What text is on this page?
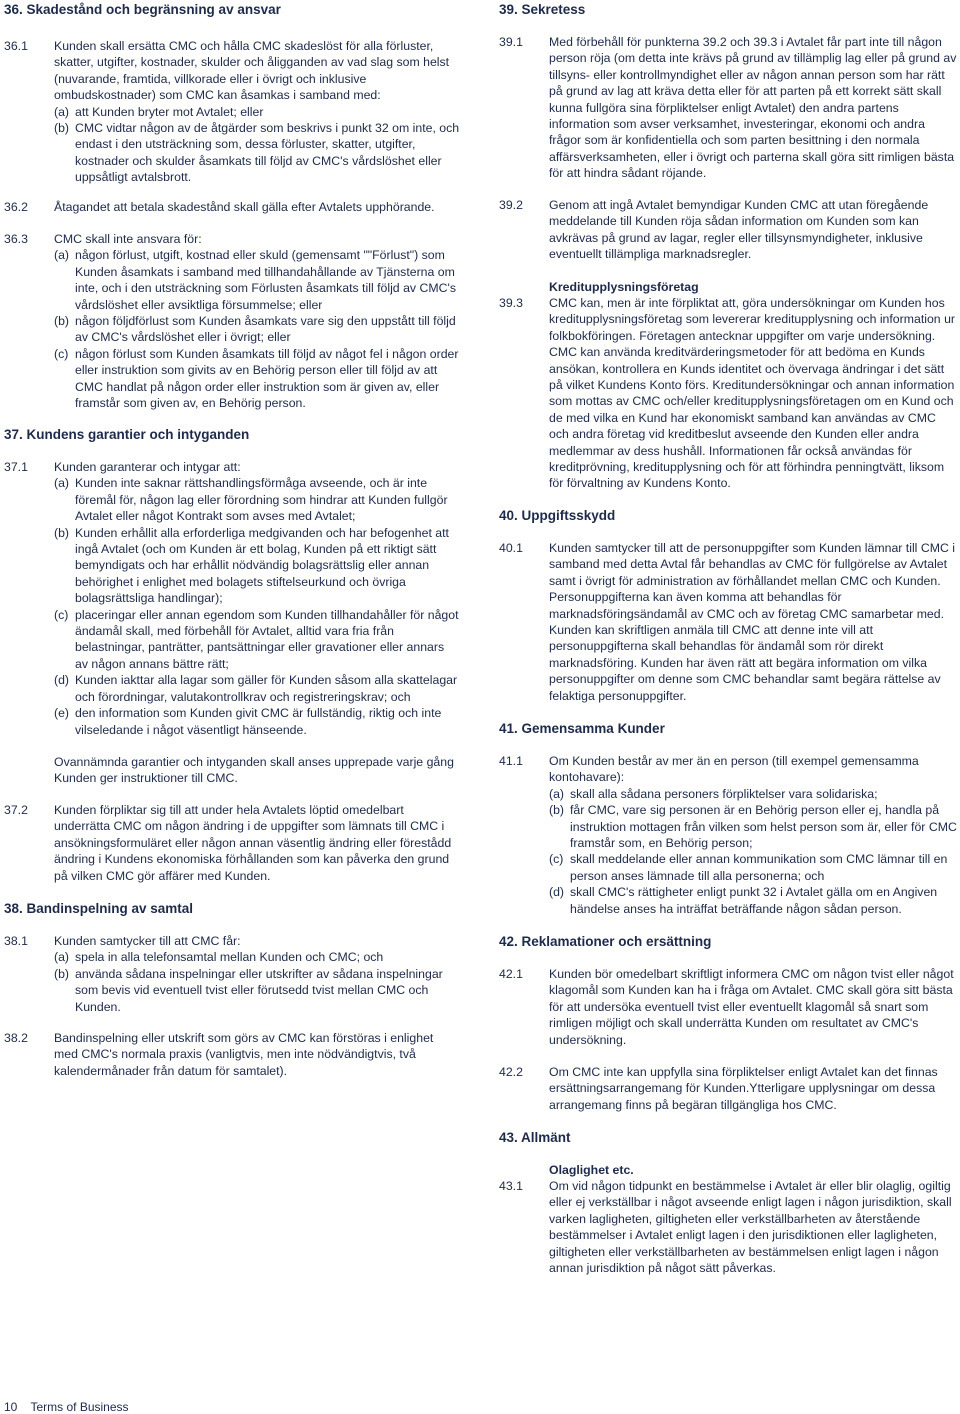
36. Skadestånd och begränsning av ansvar
36.1	Kunden skall ersätta CMC och hålla CMC skadeslöst för alla förluster, skatter, utgifter, kostnader, skulder och åligganden av vad slag som helst (nuvarande, framtida, villkorade eller i övrigt och inklusive ombudskostnader) som CMC kan åsamkas i samband med:

(a) att Kunden bryter mot Avtalet; eller
(b) CMC vidtar någon av de åtgärder som beskrivs i punkt 32 om inte, och endast i den utsträckning som, dessa förluster, skatter, utgifter, kostnader och skulder åsamkats till följd av CMC's vårdslöshet eller uppsåtligt avtalsbrott.
36.2	Åtagandet att betala skadestånd skall gälla efter Avtalets upphörande.

36.3	CMC skall inte ansvara för:

(a) någon förlust, utgift, kostnad eller skuld (gemensamt ""Förlust") som Kunden åsamkats i samband med tillhandahållande av Tjänsterna om inte, och i den utsträckning som Förlusten åsamkats till följd av CMC's vårdslöshet eller avsiktliga försummelse; eller
(b) någon följdförlust som Kunden åsamkats vare sig den uppstått till följd av CMC's vårdslöshet eller i övrigt; eller
(c) någon förlust som Kunden åsamkats till följd av något fel i någon order eller instruktion som givits av en Behörig person eller till följd av att CMC handlat på någon order eller instruktion som är given av, eller framstår som given av, en Behörig person.
37. Kundens garantier och intyganden
37.1	Kunden garanterar och intygar att:

(a) Kunden inte saknar rättshandlingsförmåga avseende, och är inte föremål för, någon lag eller förordning som hindrar att Kunden fullgör Avtalet eller något Kontrakt som avses med Avtalet;
(b) Kunden erhållit alla erforderliga medgivanden och har befogenhet att ingå Avtalet (och om Kunden är ett bolag, Kunden på ett riktigt sätt bemyndigats och har erhållit nödvändig bolagsrättslig eller annan behörighet i enlighet med bolagets stiftelseurkund och övriga bolagsrättsliga handlingar);
(c) placeringar eller annan egendom som Kunden tillhandahåller för något ändamål skall, med förbehåll för Avtalet, alltid vara fria från belastningar, panträtter, pantsättningar eller gravationer eller annars av någon annans bättre rätt;
(d) Kunden iakttar alla lagar som gäller för Kunden såsom alla skattelagar och förordningar, valutakontrollkrav och registreringskrav; och
(e) den information som Kunden givit CMC är fullständig, riktig och inte vilseledande i något väsentligt hänseende.

Ovannämnda garantier och intyganden skall anses upprepade varje gång Kunden ger instruktioner till CMC.

37.2	Kunden förpliktar sig till att under hela Avtalets löptid omedelbart underrätta CMC om någon ändring i de uppgifter som lämnats till CMC i ansökningsformuläret eller någon annan väsentlig ändring eller förestådd ändring i Kundens ekonomiska förhållanden som kan påverka den grund på vilken CMC gör affärer med Kunden.

38. Bandinspelning av samtal
38.1	Kunden samtycker till att CMC får:

(a) spela in alla telefonsamtal mellan Kunden och CMC; och
(b) använda sådana inspelningar eller utskrifter av sådana inspelningar som bevis vid eventuell tvist eller förutsedd tvist mellan CMC och Kunden.
38.2	Bandinspelning eller utskrift som görs av CMC kan förstöras i enlighet med CMC's normala praxis (vanligtvis, men inte nödvändigtvis, två kalendermånader från datum för samtalet).

39. Sekretess
39.1	Med förbehåll för punkterna 39.2 och 39.3 i Avtalet får part inte till någon person röja (om detta inte krävs på grund av tillämplig lag eller på grund av tillsyns- eller kontrollmyndighet eller av någon annan person som har rätt på grund av lag att kräva detta eller för att parten på ett korrekt sätt skall kunna fullgöra sina förpliktelser enligt Avtalet) den andra partens information som avser verksamhet, investeringar, ekonomi och andra frågor som är konfidentiella och som parten besittning i den normala affärsverksamheten, eller i övrigt och parterna skall göra sitt rimligen bästa för att hindra sådant röjande.

39.2	Genom att ingå Avtalet bemyndigar Kunden CMC att utan föregående meddelande till Kunden röja sådan information om Kunden som kan avkrävas på grund av lagar, regler eller tillsynsmyndigheter, inklusive eventuellt tillämpliga marknadsregler.

Kreditupplysningsföretag
39.3	CMC kan, men är inte förpliktat att, göra undersökningar om Kunden hos kreditupplysningsföretag som levererar kreditupplysning och information ur folkbokföringen. Företagen antecknar uppgifter om varje undersökning. CMC kan använda kreditvärderingsmetoder för att bedöma en Kunds ansökan, kontrollera en Kunds identitet och övervaga ändringar i det sätt på vilket Kundens Konto förs. Kreditundersökningar och annan information som mottas av CMC och/eller kreditupplysningsföretagen om en Kund och de med vilka en Kund har ekonomiskt samband kan användas av CMC och andra företag vid kreditbeslut avseende den Kunden eller andra medlemmar av dess hushåll. Informationen får också användas för kreditprövning, kreditupplysning och för att förhindra penningtvätt, liksom för förvaltning av Kundens Konto.

40. Uppgiftsskydd
40.1	Kunden samtycker till att de personuppgifter som Kunden lämnar till CMC i samband med detta Avtal får behandlas av CMC för fullgörelse av Avtalet samt i övrigt för administration av förhållandet mellan CMC och Kunden. Personuppgifterna kan även komma att behandlas för marknadsföringsändamål av CMC och av företag CMC samarbetar med. Kunden kan skriftligen anmäla till CMC att denne inte vill att personuppgifterna skall behandlas för ändamål som rör direkt marknadsföring. Kunden har även rätt att begära information om vilka personuppgifter om denne som CMC behandlar samt begära rättelse av felaktiga personuppgifter.

41. Gemensamma Kunder
41.1	Om Kunden består av mer än en person (till exempel gemensamma kontohavare):

(a) skall alla sådana personers förpliktelser vara solidariska;
(b) får CMC, vare sig personen är en Behörig person eller ej, handla på instruktion mottagen från vilken som helst person som är, eller för CMC framstår som, en Behörig person;
(c) skall meddelande eller annan kommunikation som CMC lämnar till en person anses lämnade till alla personerna; och
(d) skall CMC's rättigheter enligt punkt 32 i Avtalet gälla om en Angiven händelse anses ha inträffat beträffande någon sådan person.
42. Reklamationer och ersättning
42.1	Kunden bör omedelbart skriftligt informera CMC om någon tvist eller något klagomål som Kunden kan ha i fråga om Avtalet. CMC skall göra sitt bästa för att undersöka eventuell tvist eller eventuellt klagomål så snart som rimligen möjligt och skall underrätta Kunden om resultatet av CMC's undersökning.

42.2	Om CMC inte kan uppfylla sina förpliktelser enligt Avtalet kan det finnas ersättningsarrangemang för Kunden.Ytterligare upplysningar om dessa arrangemang finns på begäran tillgängliga hos CMC.

43. Allmänt
Olaglighet etc.
43.1	Om vid någon tidpunkt en bestämmelse i Avtalet är eller blir olaglig, ogiltig eller ej verkställbar i något avseende enligt lagen i någon jurisdiktion, skall varken lagligheten, giltigheten eller verkställbarheten av återstående bestämmelser i Avtalet enligt lagen i den jurisdiktionen eller lagligheten, giltigheten eller verkställbarheten av bestämmelsen enligt lagen i någon annan jurisdiktion på något sätt påverkas.

10 Terms of Business
